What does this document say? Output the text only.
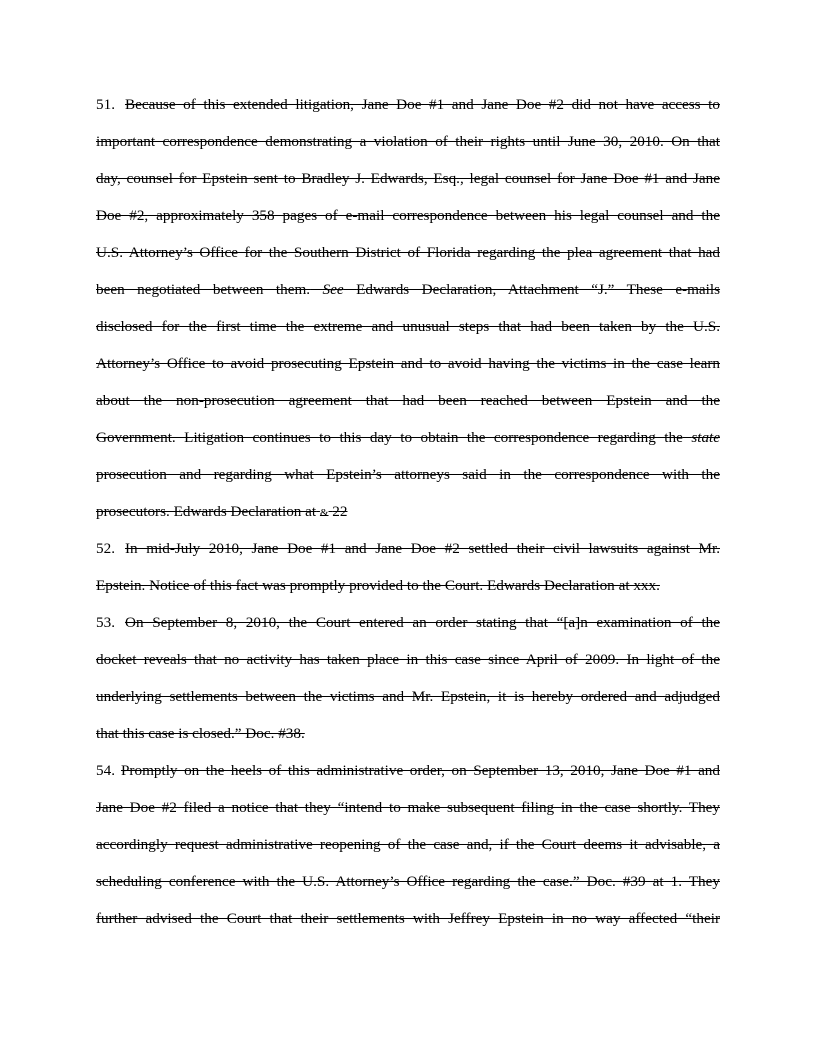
51. Because of this extended litigation, Jane Doe #1 and Jane Doe #2 did not have access to
important correspondence demonstrating a violation of their rights until June 30, 2010. On that
day, counsel for Epstein sent to Bradley J. Edwards, Esq., legal counsel for Jane Doe #1 and Jane
Doe #2, approximately 358 pages of e-mail correspondence between his legal counsel and the
U.S. Attorney’s Office for the Southern District of Florida regarding the plea agreement that had
been negotiated between them. See Edwards Declaration, Attachment “J.” These e-mails
disclosed for the first time the extreme and unusual steps that had been taken by the U.S.
Attorney’s Office to avoid prosecuting Epstein and to avoid having the victims in the case learn
about the non-prosecution agreement that had been reached between Epstein and the
Government. Litigation continues to this day to obtain the correspondence regarding the state
prosecution and regarding what Epstein’s attorneys said in the correspondence with the
prosecutors. Edwards Declaration at & 22
52. In mid-July 2010, Jane Doe #1 and Jane Doe #2 settled their civil lawsuits against Mr.
Epstein. Notice of this fact was promptly provided to the Court. Edwards Declaration at xxx.
53. On September 8, 2010, the Court entered an order stating that “[a]n examination of the
docket reveals that no activity has taken place in this case since April of 2009. In light of the
underlying settlements between the victims and Mr. Epstein, it is hereby ordered and adjudged
that this case is closed.” Doc. #38.
54. Promptly on the heels of this administrative order, on September 13, 2010, Jane Doe #1 and
Jane Doe #2 filed a notice that they “intend to make subsequent filing in the case shortly. They
accordingly request administrative reopening of the case and, if the Court deems it advisable, a
scheduling conference with the U.S. Attorney’s Office regarding the case.” Doc. #39 at 1. They
further advised the Court that their settlements with Jeffrey Epstein in no way affected “their
